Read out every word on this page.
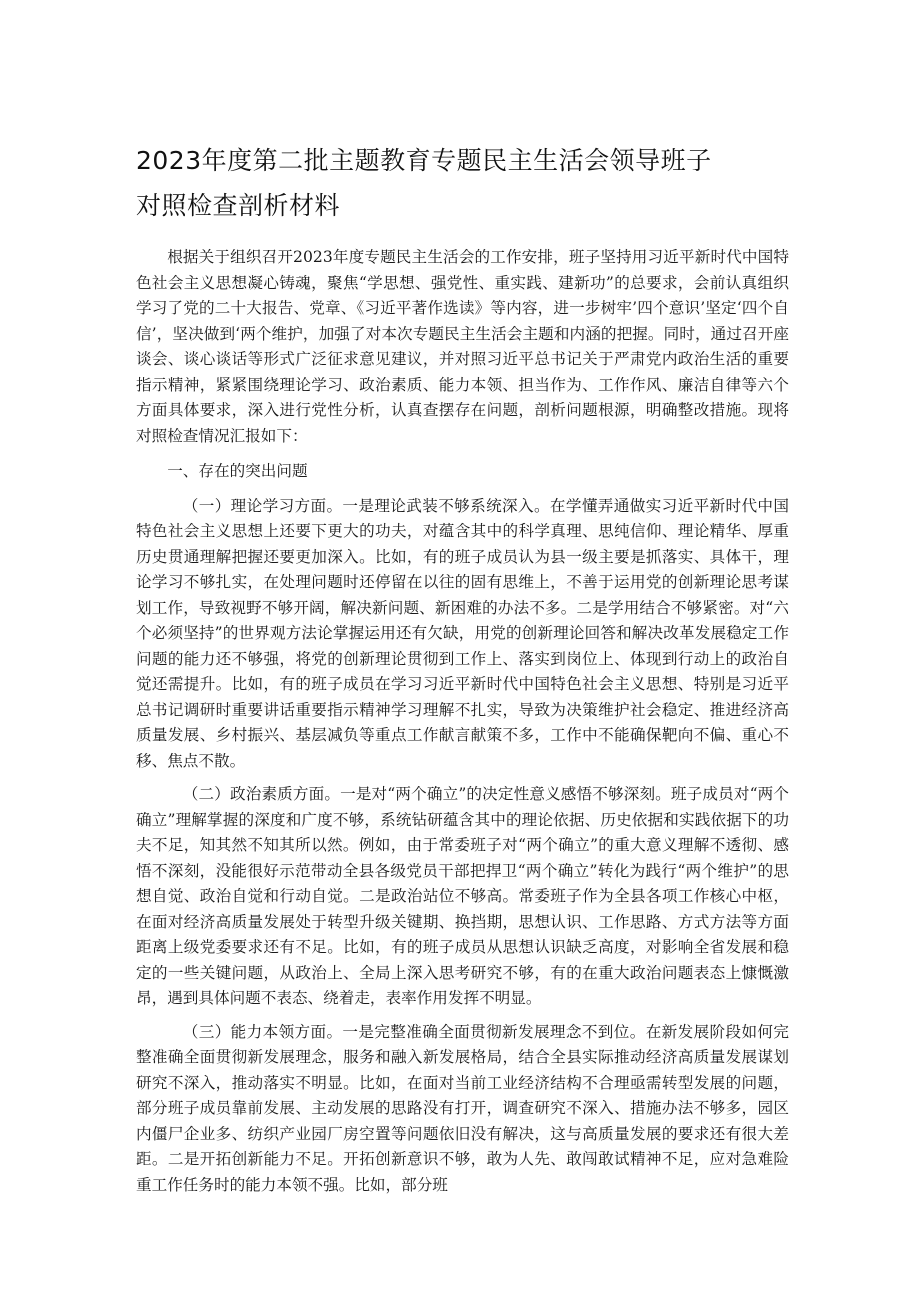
2023年度第二批主题教育专题民主生活会领导班子
对照检查剖析材料

根据关于组织召开2023年度专题民主生活会的工作安排，班子坚持用习近平新时代中国特色社会主义思想凝心铸魂，聚焦“学思想、强党性、重实践、建新功”的总要求，会前认真组织学习了党的二十大报告、党章、《习近平著作选读》等内容，进一步树牢’四个意识’坚定‘四个自信’，坚决做到‘两个维护，加强了对本次专题民主生活会主题和内涵的把握。同时，通过召开座谈会、谈心谈话等形式广泛征求意见建议，并对照习近平总书记关于严肃党内政治生活的重要指示精神，紧紧围绕理论学习、政治素质、能力本领、担当作为、工作作风、廉洁自律等六个方面具体要求，深入进行党性分析，认真查摆存在问题，剖析问题根源，明确整改措施。现将对照检查情况汇报如下：

一、存在的突出问题

（一）理论学习方面。一是理论武装不够系统深入。在学懂弄通做实习近平新时代中国特色社会主义思想上还要下更大的功夫，对蕴含其中的科学真理、思纯信仰、理论精华、厚重历史贯通理解把握还要更加深入。比如，有的班子成员认为县一级主要是抓落实、具体干，理论学习不够扎实，在处理问题时还停留在以往的固有思维上，不善于运用党的创新理论思考谋划工作，导致视野不够开阔，解决新问题、新困难的办法不多。二是学用结合不够紧密。对“六个必须坚持”的世界观方法论掌握运用还有欠缺，用党的创新理论回答和解决改革发展稳定工作问题的能力还不够强，将党的创新理论贯彻到工作上、落实到岗位上、体现到行动上的政治自觉还需提升。比如，有的班子成员在学习习近平新时代中国特色社会主义思想、特别是习近平总书记调研时重要讲话重要指示精神学习理解不扎实，导致为决策维护社会稳定、推进经济高质量发展、乡村振兴、基层减负等重点工作献言献策不多，工作中不能确保靶向不偏、重心不移、焦点不散。

（二）政治素质方面。一是对“两个确立”的决定性意义感悟不够深刻。班子成员对“两个确立”理解掌握的深度和广度不够，系统钻研蕴含其中的理论依据、历史依据和实践依据下的功夫不足，知其然不知其所以然。例如，由于常委班子对“两个确立”的重大意义理解不透彻、感悟不深刻，没能很好示范带动全县各级党员干部把捍卫“两个确立”转化为践行“两个维护”的思想自觉、政治自觉和行动自觉。二是政治站位不够高。常委班子作为全县各项工作核心中枢，在面对经济高质量发展处于转型升级关键期、换挡期，思想认识、工作思路、方式方法等方面距离上级党委要求还有不足。比如，有的班子成员从思想认识缺乏高度，对影响全省发展和稳定的一些关键问题，从政治上、全局上深入思考研究不够，有的在重大政治问题表态上慷慨激昂，遇到具体问题不表态、绕着走，表率作用发挥不明显。

（三）能力本领方面。一是完整准确全面贯彻新发展理念不到位。在新发展阶段如何完整准确全面贯彻新发展理念，服务和融入新发展格局，结合全县实际推动经济高质量发展谋划研究不深入，推动落实不明显。比如，在面对当前工业经济结构不合理亟需转型发展的问题，部分班子成员靠前发展、主动发展的思路没有打开，调查研究不深入、措施办法不够多，园区内僵尸企业多、纺织产业园厂房空置等问题依旧没有解决，这与高质量发展的要求还有很大差距。二是开拓创新能力不足。开拓创新意识不够，敢为人先、敢闯敢试精神不足，应对急难险重工作任务时的能力本领不强。比如，部分班
